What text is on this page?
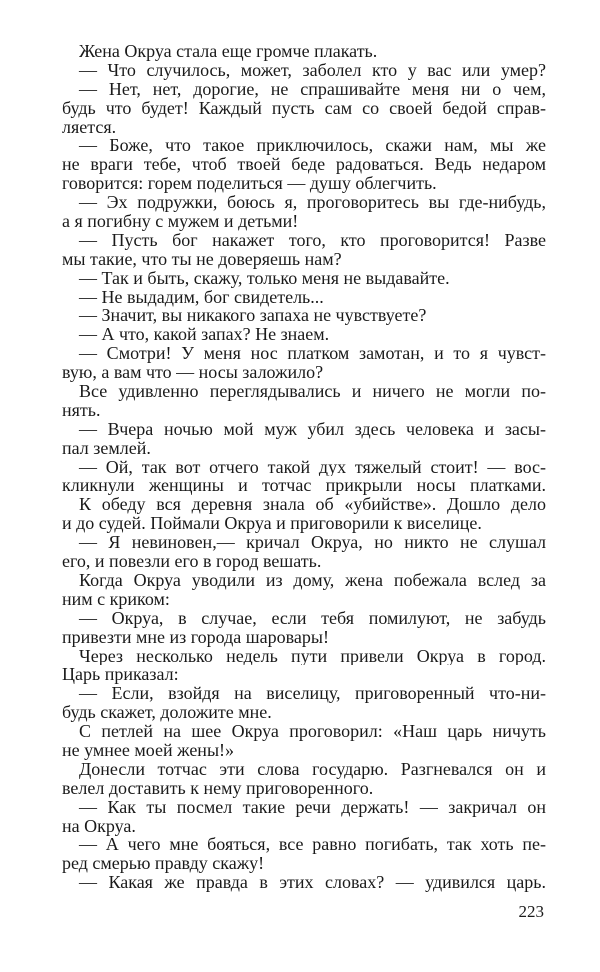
Жена Окруа стала еще громче плакать.
— Что случилось, может, заболел кто у вас или умер?
— Нет, нет, дорогие, не спрашивайте меня ни о чем,
будь что будет! Каждый пусть сам со своей бедой справ-
ляется.
— Боже, что такое приключилось, скажи нам, мы же
не враги тебе, чтоб твоей беде радоваться. Ведь недаром
говорится: горем поделиться — душу облегчить.
— Эх подружки, боюсь я, проговоритесь вы где-нибудь,
а я погибну с мужем и детьми!
— Пусть бог накажет того, кто проговорится! Разве
мы такие, что ты не доверяешь нам?
— Так и быть, скажу, только меня не выдавайте.
— Не выдадим, бог свидетель...
— Значит, вы никакого запаха не чувствуете?
— А что, какой запах? Не знаем.
— Смотри! У меня нос платком замотан, и то я чувст-
вую, а вам что — носы заложило?
Все удивленно переглядывались и ничего не могли по-
нять.
— Вчера ночью мой муж убил здесь человека и засы-
пал землей.
— Ой, так вот отчего такой дух тяжелый стоит! — вос-
кликнули женщины и тотчас прикрыли носы платками.
К обеду вся деревня знала об «убийстве». Дошло дело
и до судей. Поймали Окруа и приговорили к виселице.
— Я невиновен,— кричал Окруа, но никто не слушал
его, и повезли его в город вешать.
Когда Окруа уводили из дому, жена побежала вслед за
ним с криком:
— Окруа, в случае, если тебя помилуют, не забудь
привезти мне из города шаровары!
Через несколько недель пути привели Окруа в город.
Царь приказал:
— Если, взойдя на виселицу, приговоренный что-ни-
будь скажет, доложите мне.
С петлей на шее Окруа проговорил: «Наш царь ничуть
не умнее моей жены!»
Донесли тотчас эти слова государю. Разгневался он и
велел доставить к нему приговоренного.
— Как ты посмел такие речи держать! — закричал он
на Окруа.
— А чего мне бояться, все равно погибать, так хоть пе-
ред смерью правду скажу!
— Какая же правда в этих словах? — удивился царь.
223
